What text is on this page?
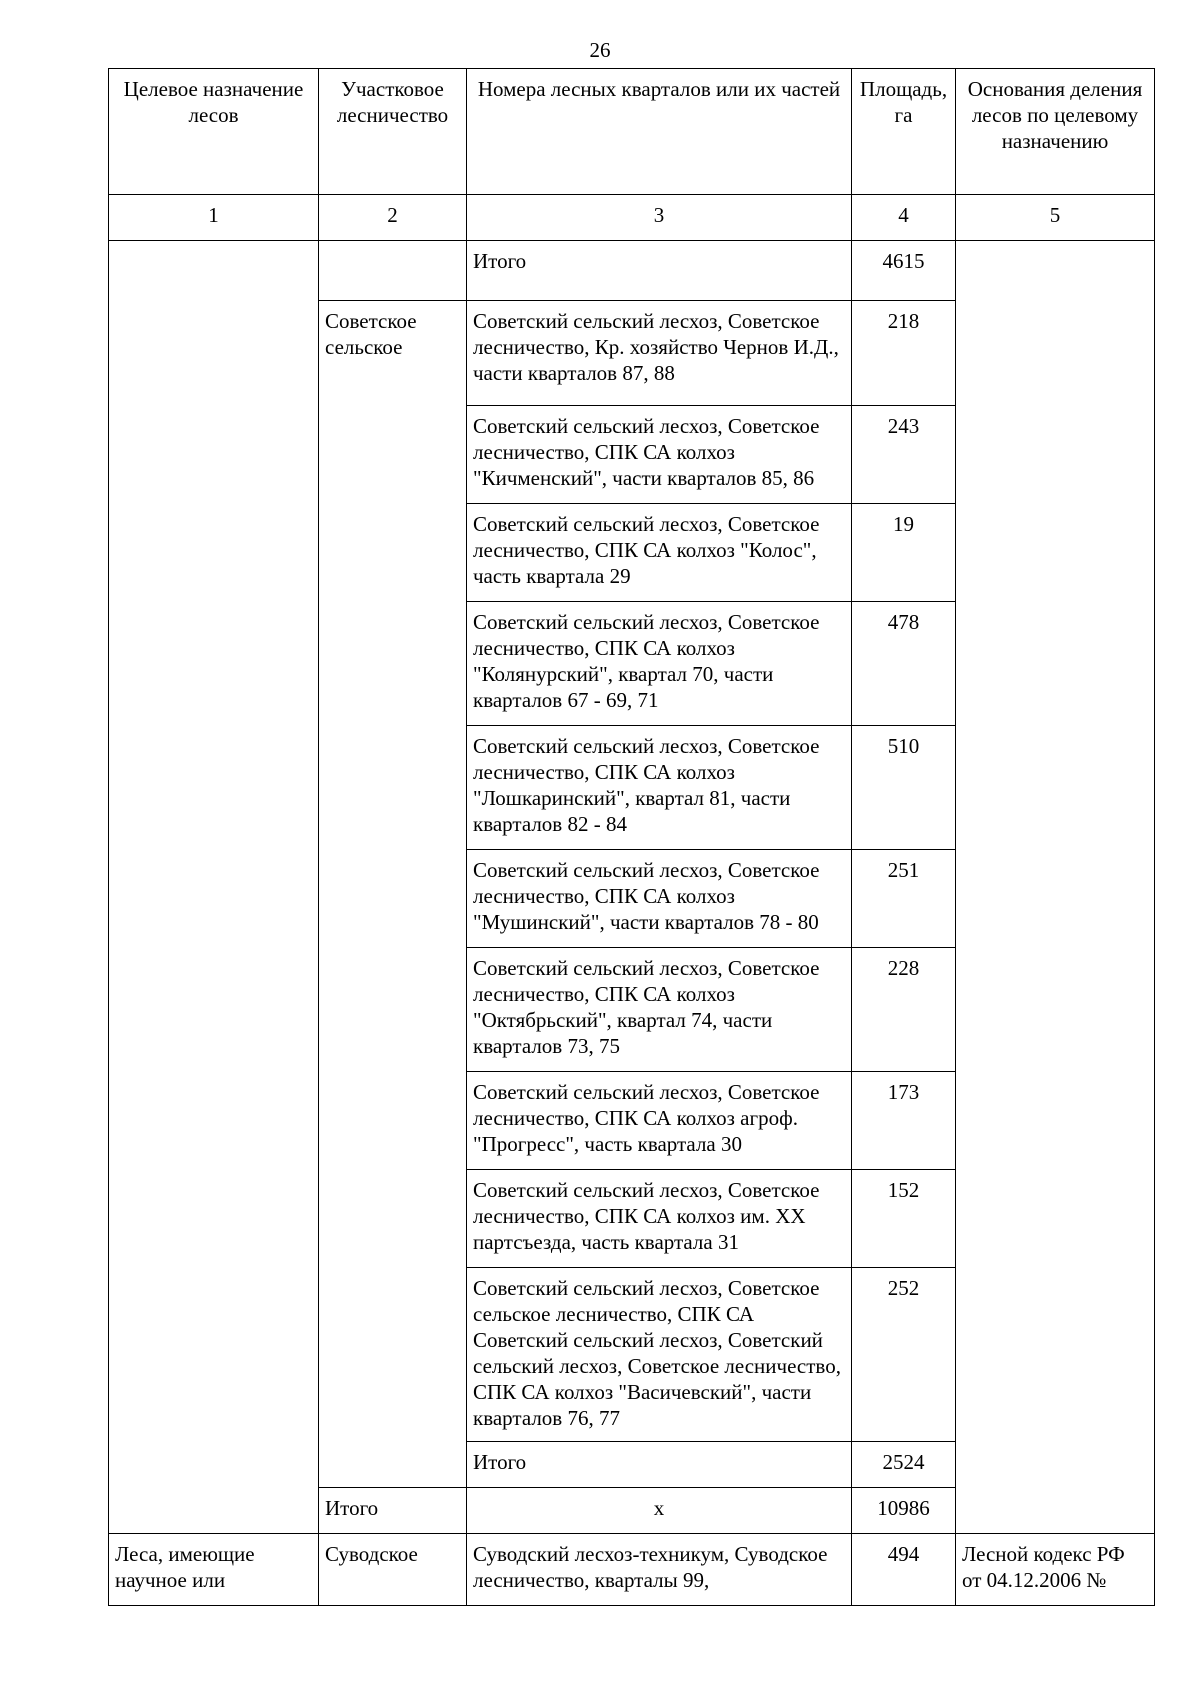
26
Целевое назначение лесов	Участковое лесничество	Номера лесных кварталов или их частей	Площадь, га	Основания деления лесов по целевому назначению
1	2	3	4	5
		Итого	4615	
	Советское сельское	Советский сельский лесхоз, Советское лесничество, Кр. хозяйство Чернов И.Д., части кварталов 87, 88	218	
		Советский сельский лесхоз, Советское лесничество, СПК СА колхоз "Кичменский", части кварталов 85, 86	243	
		Советский сельский лесхоз, Советское лесничество, СПК СА колхоз "Колос", часть квартала 29	19	
		Советский сельский лесхоз, Советское лесничество, СПК СА колхоз "Колянурский", квартал 70, части кварталов 67 - 69, 71	478	
		Советский сельский лесхоз, Советское лесничество, СПК СА колхоз "Лошкаринский", квартал 81, части кварталов 82 - 84	510	
		Советский сельский лесхоз, Советское лесничество, СПК СА колхоз "Мушинский", части кварталов 78 - 80	251	
		Советский сельский лесхоз, Советское лесничество, СПК СА колхоз "Октябрьский", квартал 74, части кварталов 73, 75	228	
		Советский сельский лесхоз, Советское лесничество, СПК СА колхоз агроф. "Прогресс", часть квартала 30	173	
		Советский сельский лесхоз, Советское лесничество, СПК СА колхоз им. XX партсъезда, часть квартала 31	152	
		Советский сельский лесхоз, Советское сельское лесничество, СПК СА Советский сельский лесхоз, Советский сельский лесхоз, Советское лесничество, СПК СА колхоз "Васичевский", части кварталов 76, 77	252	
		Итого	2524	
	Итого	х	10986	
Леса, имеющие научное или	Суводское	Суводский лесхоз-техникум, Суводское лесничество, кварталы 99,	494	Лесной кодекс РФ от 04.12.2006 №
